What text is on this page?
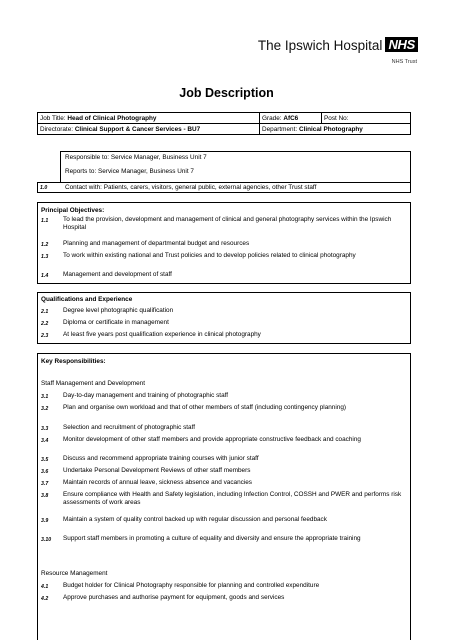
The Ipswich Hospital NHS
NHS Trust
Job Description
Job Title: Head of Clinical Photography	Grade: AfC6	Post No:
Directorate: Clinical Support & Cancer Services - BU7	Department: Clinical Photography	
Responsible to: Service Manager, Business Unit 7
Reports to: Service Manager, Business Unit 7
1.0	Contact with: Patients, carers, visitors, general public, external agencies, other Trust staff
Principal Objectives:
1.1 To lead the provision, development and management of clinical and general photography services within the Ipswich Hospital
1.2 Planning and management of departmental budget and resources
1.3 To work within existing national and Trust policies and to develop policies related to clinical photography
1.4 Management and development of staff
Qualifications and Experience
2.1 Degree level photographic qualification
2.2 Diploma or certificate in management
2.3 At least five years post qualification experience in clinical photography
Key Responsibilities:
Staff Management and Development
3.1 Day-to-day management and training of photographic staff
3.2 Plan and organise own workload and that of other members of staff (including contingency planning)
3.3 Selection and recruitment of photographic staff
3.4 Monitor development of other staff members and provide appropriate constructive feedback and coaching
3.5 Discuss and recommend appropriate training courses with junior staff
3.6 Undertake Personal Development Reviews of other staff members
3.7 Maintain records of annual leave, sickness absence and vacancies
3.8 Ensure compliance with Health and Safety legislation, including Infection Control, COSSH and PWER and performs risk assessments of work areas
3.9 Maintain a system of quality control backed up with regular discussion and personal feedback
3.10 Support staff members in promoting a culture of equality and diversity and ensure the appropriate training
Resource Management
4.1 Budget holder for Clinical Photography responsible for planning and controlled expenditure
4.2 Approve purchases and authorise payment for equipment, goods and services
